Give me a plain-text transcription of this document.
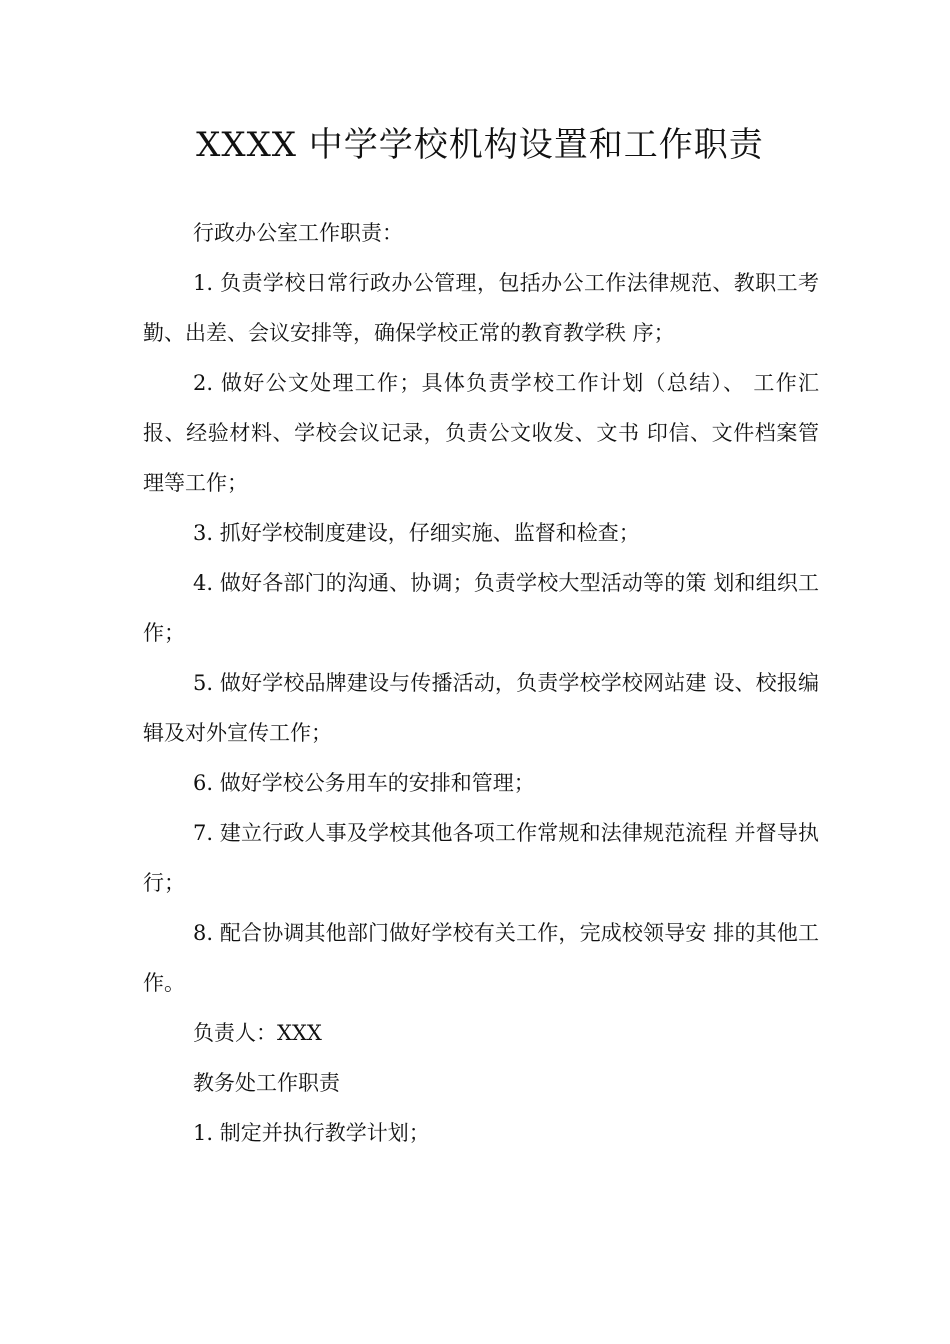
XXXX 中学学校机构设置和工作职责

行政办公室工作职责：

1. 负责学校日常行政办公管理，包括办公工作法律规范、教职工考勤、出差、会议安排等，确保学校正常的教育教学秩 序；

2. 做好公文处理工作；具体负责学校工作计划（总结）、 工作汇报、经验材料、学校会议记录，负责公文收发、文书 印信、文件档案管理等工作；

3. 抓好学校制度建设，仔细实施、监督和检查；

4. 做好各部门的沟通、协调；负责学校大型活动等的策 划和组织工作；

5. 做好学校品牌建设与传播活动，负责学校学校网站建 设、校报编辑及对外宣传工作；

6. 做好学校公务用车的安排和管理；

7. 建立行政人事及学校其他各项工作常规和法律规范流程 并督导执行；

8. 配合协调其他部门做好学校有关工作，完成校领导安 排的其他工作。

负责人：XXX

教务处工作职责

1. 制定并执行教学计划；
